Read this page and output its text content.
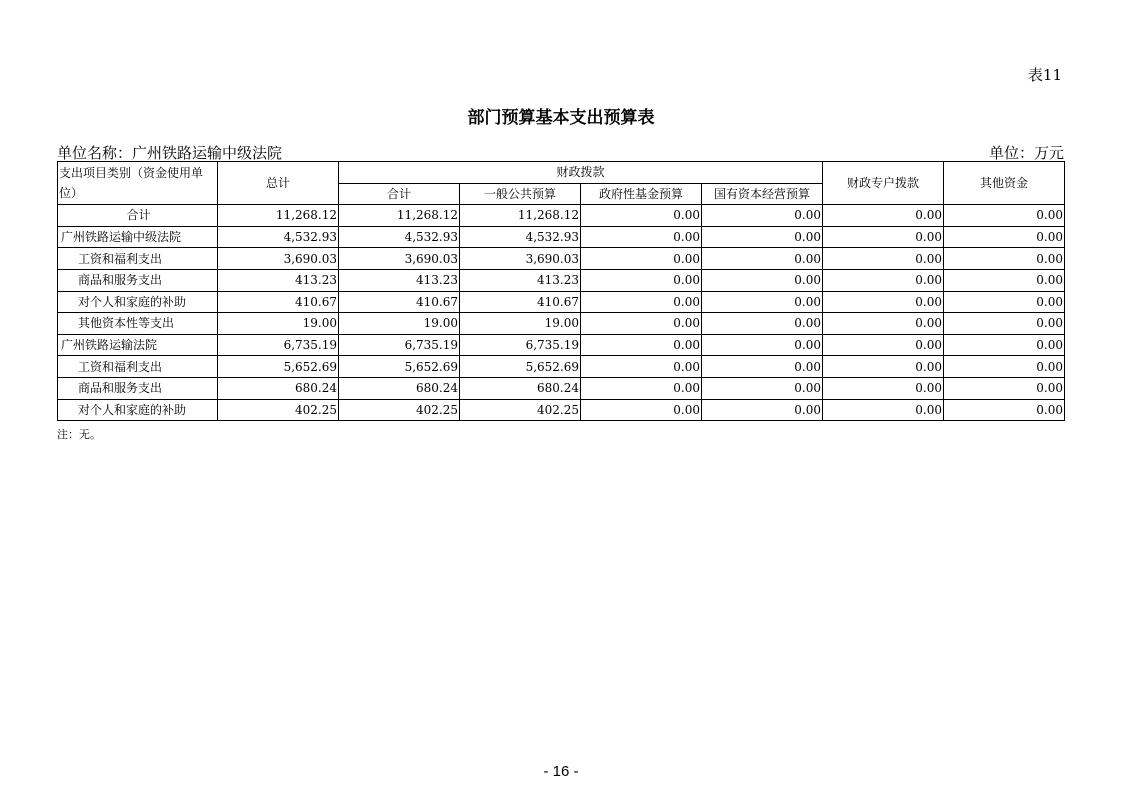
表11
部门预算基本支出预算表
单位名称：广州铁路运输中级法院	单位：万元
支出项目类别（资金使用单位）	总计	财政拨款				财政专户拨款	其他资金
		合计	一般公共预算	政府性基金预算	国有资本经营预算		
合计	11,268.12	11,268.12	11,268.12	0.00	0.00	0.00	0.00
广州铁路运输中级法院	4,532.93	4,532.93	4,532.93	0.00	0.00	0.00	0.00
工资和福利支出	3,690.03	3,690.03	3,690.03	0.00	0.00	0.00	0.00
商品和服务支出	413.23	413.23	413.23	0.00	0.00	0.00	0.00
对个人和家庭的补助	410.67	410.67	410.67	0.00	0.00	0.00	0.00
其他资本性等支出	19.00	19.00	19.00	0.00	0.00	0.00	0.00
广州铁路运输法院	6,735.19	6,735.19	6,735.19	0.00	0.00	0.00	0.00
工资和福利支出	5,652.69	5,652.69	5,652.69	0.00	0.00	0.00	0.00
商品和服务支出	680.24	680.24	680.24	0.00	0.00	0.00	0.00
对个人和家庭的补助	402.25	402.25	402.25	0.00	0.00	0.00	0.00
注：无。
- 16 -
